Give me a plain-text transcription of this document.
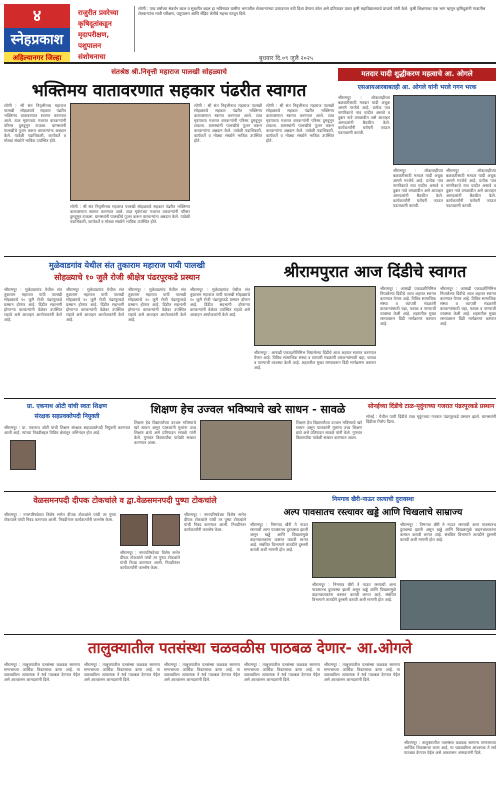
४
स्नेहप्रकाश
अहिल्यानगर जिल्हा
राजुरीत प्रवरेच्या
कृषिदूतांकडून
मृदापरीक्षण,
पशुपालन
संशोधनाचा
लोणी : पाच वर्षांच्या संवर्धन काल व सुधारीत बदल हा भविष्यात ग्रामीण भागातील शेतकऱ्यांच्या उत्पादनात नवी दिशा देणारा ठरेल असे प्रतिपादन प्रवरा कृषी महाविद्यालयाचे प्राचार्य यांनी केले. कृषी शिक्षणाचा एक भाग म्हणून कृषिदूतांनी गावातील शेतकऱ्यांना माती परीक्षण, पशुपालन आणि सेंद्रिय शेतीचे महत्त्व पटवून दिले.
बुधवार दि.०९ जुलै २०२५
संतश्रेष्ठ श्री.निवृत्ती महाराज पालखी सोहळ्याचे
भक्तिमय वातावरणात सहकार पंढरीत स्वागत
लोणी : श्री संत निवृत्तीनाथ महाराज पालखी सोहळ्याचे सहकार पंढरीत भक्तिमय वातावरणात स्वागत करण्यात आले. टाळ मृदंगाच्या गजरात वारकऱ्यांनी परिसर दुमदुमून टाकला. ग्रामस्थांनी पालखीचे पूजन करून वारकऱ्यांना अन्नदान केले. यावेळी पदाधिकारी, कार्यकर्ते व मोठ्या संख्येने भाविक उपस्थित होते.
लोणी : श्री संत निवृत्तीनाथ महाराज पालखी सोहळ्याचे सहकार पंढरीत भक्तिमय वातावरणात स्वागत करण्यात आले. टाळ मृदंगाच्या गजरात वारकऱ्यांनी परिसर दुमदुमून टाकला. ग्रामस्थांनी पालखीचे पूजन करून वारकऱ्यांना अन्नदान केले. यावेळी पदाधिकारी, कार्यकर्ते व मोठ्या संख्येने भाविक उपस्थित होते.
लोणी : श्री संत निवृत्तीनाथ महाराज पालखी सोहळ्याचे सहकार पंढरीत भक्तिमय वातावरणात स्वागत करण्यात आले. टाळ मृदंगाच्या गजरात वारकऱ्यांनी परिसर दुमदुमून टाकला. ग्रामस्थांनी पालखीचे पूजन करून वारकऱ्यांना अन्नदान केले. यावेळी पदाधिकारी, कार्यकर्ते व मोठ्या संख्येने भाविक उपस्थित होते.
लोणी : श्री संत निवृत्तीनाथ महाराज पालखी सोहळ्याचे सहकार पंढरीत भक्तिमय वातावरणात स्वागत करण्यात आले. टाळ मृदंगाच्या गजरात वारकऱ्यांनी परिसर दुमदुमून टाकला. ग्रामस्थांनी पालखीचे पूजन करून वारकऱ्यांना अन्नदान केले. यावेळी पदाधिकारी, कार्यकर्ते व मोठ्या संख्येने भाविक उपस्थित होते.
मतदार यादी शुद्धीकरण महत्वाचे आ. ओगले
एसआयआरबाबतही आ. ओगले यांनी भरले गगन भरक
श्रीरामपूर : लोकशाहीच्या बळकटीसाठी मतदार यादी अचूक असणे गरजेचे आहे. प्रत्येक पात्र नागरिकाचे नाव यादीत असावे व दुबार नावे वगळावीत असे आवाहन आमदारांनी बैठकीत केले. कार्यकर्त्यांनी घरोघरी जाऊन पडताळणी करावी.
श्रीरामपूर : लोकशाहीच्या बळकटीसाठी मतदार यादी अचूक असणे गरजेचे आहे. प्रत्येक पात्र नागरिकाचे नाव यादीत असावे व दुबार नावे वगळावीत असे आवाहन आमदारांनी बैठकीत केले. कार्यकर्त्यांनी घरोघरी जाऊन पडताळणी करावी.
श्रीरामपूर : लोकशाहीच्या बळकटीसाठी मतदार यादी अचूक असणे गरजेचे आहे. प्रत्येक पात्र नागरिकाचे नाव यादीत असावे व दुबार नावे वगळावीत असे आवाहन आमदारांनी बैठकीत केले. कार्यकर्त्यांनी घरोघरी जाऊन पडताळणी करावी.
मुळेवाडगांव येथील संत तुकाराम महाराज पायी पालखी
सोहळ्याचे १० जुलै रोजी श्रीक्षेत्र पंढरपूरकडे प्रस्थान
श्रीरामपूर : मुळेवाडगांव येथील संत तुकाराम महाराज पायी पालखी सोहळ्याचे १० जुलै रोजी पंढरपूरकडे प्रस्थान होणार आहे. दिंडीत सहभागी होणाऱ्या वारकऱ्यांनी वेळेवर उपस्थित राहावे असे आवाहन आयोजकांनी केले आहे.
श्रीरामपूर : मुळेवाडगांव येथील संत तुकाराम महाराज पायी पालखी सोहळ्याचे १० जुलै रोजी पंढरपूरकडे प्रस्थान होणार आहे. दिंडीत सहभागी होणाऱ्या वारकऱ्यांनी वेळेवर उपस्थित राहावे असे आवाहन आयोजकांनी केले आहे.
श्रीरामपूर : मुळेवाडगांव येथील संत तुकाराम महाराज पायी पालखी सोहळ्याचे १० जुलै रोजी पंढरपूरकडे प्रस्थान होणार आहे. दिंडीत सहभागी होणाऱ्या वारकऱ्यांनी वेळेवर उपस्थित राहावे असे आवाहन आयोजकांनी केले आहे.
श्रीरामपूर : मुळेवाडगांव येथील संत तुकाराम महाराज पायी पालखी सोहळ्याचे १० जुलै रोजी पंढरपूरकडे प्रस्थान होणार आहे. दिंडीत सहभागी होणाऱ्या वारकऱ्यांनी वेळेवर उपस्थित राहावे असे आवाहन आयोजकांनी केले आहे.
श्रीरामपुरात आज दिंडीचे स्वागत
श्रीरामपूर : आषाढी एकादशीनिमित्त निघालेल्या दिंडीचे आज शहरात स्वागत करण्यात येणार आहे. विविध सामाजिक संस्था व व्यापारी मंडळांनी वारकऱ्यांसाठी चहा, फराळ व पाण्याची व्यवस्था केली आहे. शहरातील मुख्य रस्त्यावरून दिंडी मार्गक्रमण करणार आहे.
श्रीरामपूर : आषाढी एकादशीनिमित्त निघालेल्या दिंडीचे आज शहरात स्वागत करण्यात येणार आहे. विविध सामाजिक संस्था व व्यापारी मंडळांनी वारकऱ्यांसाठी चहा, फराळ व पाण्याची व्यवस्था केली आहे. शहरातील मुख्य रस्त्यावरून दिंडी मार्गक्रमण करणार आहे.
श्रीरामपूर : आषाढी एकादशीनिमित्त निघालेल्या दिंडीचे आज शहरात स्वागत करण्यात येणार आहे. विविध सामाजिक संस्था व व्यापारी मंडळांनी वारकऱ्यांसाठी चहा, फराळ व पाण्याची व्यवस्था केली आहे. शहरातील मुख्य रस्त्यावरून दिंडी मार्गक्रमण करणार आहे.
प्रा. एकनाथ ओटी यांची स्वतः शिक्षण
संरक्षक सहप्रवक्तेपदी नियुक्ती
श्रीरामपूर : प्रा. एकनाथ ओटी यांची शिक्षण संरक्षक सहप्रवक्तेपदी नियुक्ती करण्यात आली आहे. त्यांच्या निवडीबद्दल विविध क्षेत्रांतून अभिनंदन होत आहे.
शिक्षण हेच उज्वल भविष्याचे खरे साधन - सावळे
शिक्षण हेच विद्यार्थ्यांच्या उज्वल भविष्याचे खरे साधन असून पालकांनी मुलांना उच्च शिक्षण द्यावे असे प्रतिपादन सावळे यांनी केले. गुणवंत विद्यार्थ्यांचा यावेळी सत्कार करण्यात आला.
शिक्षण हेच विद्यार्थ्यांच्या उज्वल भविष्याचे खरे साधन असून पालकांनी मुलांना उच्च शिक्षण द्यावे असे प्रतिपादन सावळे यांनी केले. गुणवंत विद्यार्थ्यांचा यावेळी सत्कार करण्यात आला.
सोनईच्या दिंडीचे टाळ-मृदुंगाच्या गजरात पंढरपूरकडे प्रस्थान
सोनई : येथील पायी दिंडीचे टाळ मृदुंगाच्या गजरात पंढरपूरकडे प्रस्थान झाले. ग्रामस्थांनी दिंडीला निरोप दिला.
वेळसमनपदी दीपक टोकचांले व द्वा.वेळसमनपदी पुष्पा टोकचांले
श्रीरामपूर : नगरपरिषदेच्या विशेष सभेत दीपक टोकचांले यांची तर पुष्पा टोकचांले यांची निवड करण्यात आली. निवडीनंतर कार्यकर्त्यांनी जल्लोष केला.
श्रीरामपूर : नगरपरिषदेच्या विशेष सभेत दीपक टोकचांले यांची तर पुष्पा टोकचांले यांची निवड करण्यात आली. निवडीनंतर कार्यकर्त्यांनी जल्लोष केला.
श्रीरामपूर : नगरपरिषदेच्या विशेष सभेत दीपक टोकचांले यांची तर पुष्पा टोकचांले यांची निवड करण्यात आली. निवडीनंतर कार्यकर्त्यांनी जल्लोष केला.
निमगाव खैरी-नाऊर रस्त्याची दुरावस्था
अल्प पावसातच रस्त्यावर खड्डे आणि चिखलाचे साम्राज्य
श्रीरामपूर : निमगाव खैरी ते नाऊर रस्त्याची अल्प पावसातच दुरावस्था झाली असून खड्डे आणि चिखलामुळे वाहनचालकांना कसरत करावी लागत आहे. संबंधित विभागाने तातडीने दुरुस्ती करावी अशी मागणी होत आहे.
श्रीरामपूर : निमगाव खैरी ते नाऊर रस्त्याची अल्प पावसातच दुरावस्था झाली असून खड्डे आणि चिखलामुळे वाहनचालकांना कसरत करावी लागत आहे. संबंधित विभागाने तातडीने दुरुस्ती करावी अशी मागणी होत आहे.
श्रीरामपूर : निमगाव खैरी ते नाऊर रस्त्याची अल्प पावसातच दुरावस्था झाली असून खड्डे आणि चिखलामुळे वाहनचालकांना कसरत करावी लागत आहे. संबंधित विभागाने तातडीने दुरुस्ती करावी अशी मागणी होत आहे.
तालुक्यातील पतसंस्था चळवळीस पाठबळ देणार- आ.ओगले
श्रीरामपूर : तालुक्यातील पतसंस्था चळवळ सामान्य माणसाच्या आर्थिक विकासाचा कणा आहे. या चळवळीला आवश्यक ते सर्व पाठबळ देण्यात येईल असे आश्वासन आमदारांनी दिले.
श्रीरामपूर : तालुक्यातील पतसंस्था चळवळ सामान्य माणसाच्या आर्थिक विकासाचा कणा आहे. या चळवळीला आवश्यक ते सर्व पाठबळ देण्यात येईल असे आश्वासन आमदारांनी दिले.
श्रीरामपूर : तालुक्यातील पतसंस्था चळवळ सामान्य माणसाच्या आर्थिक विकासाचा कणा आहे. या चळवळीला आवश्यक ते सर्व पाठबळ देण्यात येईल असे आश्वासन आमदारांनी दिले.
श्रीरामपूर : तालुक्यातील पतसंस्था चळवळ सामान्य माणसाच्या आर्थिक विकासाचा कणा आहे. या चळवळीला आवश्यक ते सर्व पाठबळ देण्यात येईल असे आश्वासन आमदारांनी दिले.
श्रीरामपूर : तालुक्यातील पतसंस्था चळवळ सामान्य माणसाच्या आर्थिक विकासाचा कणा आहे. या चळवळीला आवश्यक ते सर्व पाठबळ देण्यात येईल असे आश्वासन आमदारांनी दिले.
श्रीरामपूर : तालुक्यातील पतसंस्था चळवळ सामान्य माणसाच्या आर्थिक विकासाचा कणा आहे. या चळवळीला आवश्यक ते सर्व पाठबळ देण्यात येईल असे आश्वासन आमदारांनी दिले.
